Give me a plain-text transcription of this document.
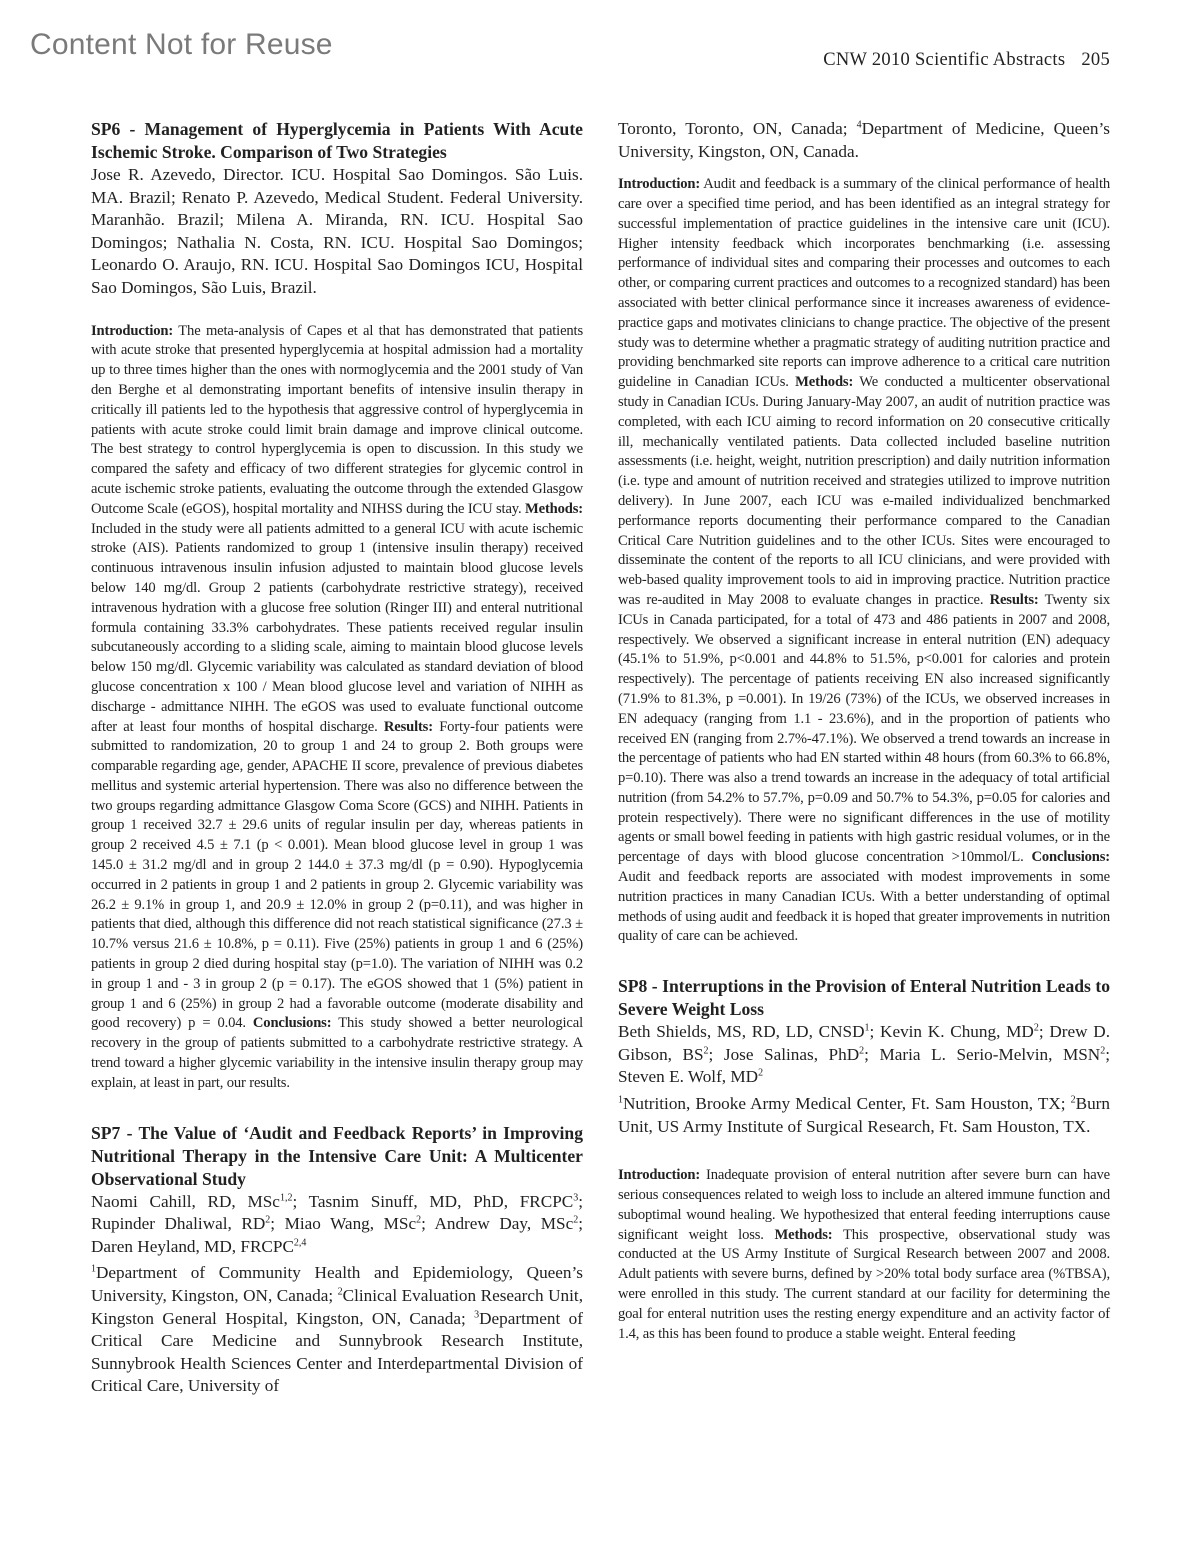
Content Not for Reuse	CNW 2010 Scientific Abstracts 205
SP6 - Management of Hyperglycemia in Patients With Acute Ischemic Stroke. Comparison of Two Strategies

Jose R. Azevedo, Director. ICU. Hospital Sao Domingos. São Luis. MA. Brazil; Renato P. Azevedo, Medical Student. Federal University. Maranhão. Brazil; Milena A. Miranda, RN. ICU. Hospital Sao Domingos; Nathalia N. Costa, RN. ICU. Hospital Sao Domingos; Leonardo O. Araujo, RN. ICU. Hospital Sao Domingos ICU, Hospital Sao Domingos, São Luis, Brazil.

Introduction: The meta-analysis of Capes et al that has demonstrated that patients with acute stroke that presented hyperglycemia at hospital admission had a mortality up to three times higher than the ones with normoglycemia and the 2001 study of Van den Berghe et al demonstrating important benefits of intensive insulin therapy in critically ill patients led to the hypothesis that aggressive control of hyperglycemia in patients with acute stroke could limit brain damage and improve clinical outcome. The best strategy to control hyperglycemia is open to discussion. In this study we compared the safety and efficacy of two different strategies for glycemic control in acute ischemic stroke patients, evaluating the outcome through the extended Glasgow Outcome Scale (eGOS), hospital mortality and NIHSS during the ICU stay. Methods: Included in the study were all patients admitted to a general ICU with acute ischemic stroke (AIS). Patients randomized to group 1 (intensive insulin therapy) received continuous intravenous insulin infusion adjusted to maintain blood glucose levels below 140 mg/dl. Group 2 patients (carbohydrate restrictive strategy), received intravenous hydration with a glucose free solution (Ringer III) and enteral nutritional formula containing 33.3% carbohydrates. These patients received regular insulin subcutaneously according to a sliding scale, aiming to maintain blood glucose levels below 150 mg/dl. Glycemic variability was calculated as standard deviation of blood glucose concentration x 100 / Mean blood glucose level and variation of NIHH as discharge - admittance NIHH. The eGOS was used to evaluate functional outcome after at least four months of hospital discharge. Results: Forty-four patients were submitted to randomization, 20 to group 1 and 24 to group 2. Both groups were comparable regarding age, gender, APACHE II score, prevalence of previous diabetes mellitus and systemic arterial hypertension. There was also no difference between the two groups regarding admittance Glasgow Coma Score (GCS) and NIHH. Patients in group 1 received 32.7 ± 29.6 units of regular insulin per day, whereas patients in group 2 received 4.5 ± 7.1 (p < 0.001). Mean blood glucose level in group 1 was 145.0 ± 31.2 mg/dl and in group 2 144.0 ± 37.3 mg/dl (p = 0.90). Hypoglycemia occurred in 2 patients in group 1 and 2 patients in group 2. Glycemic variability was 26.2 ± 9.1% in group 1, and 20.9 ± 12.0% in group 2 (p=0.11), and was higher in patients that died, although this difference did not reach statistical significance (27.3 ± 10.7% versus 21.6 ± 10.8%, p = 0.11). Five (25%) patients in group 1 and 6 (25%) patients in group 2 died during hospital stay (p=1.0). The variation of NIHH was 0.2 in group 1 and - 3 in group 2 (p = 0.17). The eGOS showed that 1 (5%) patient in group 1 and 6 (25%) in group 2 had a favorable outcome (moderate disability and good recovery) p = 0.04. Conclusions: This study showed a better neurological recovery in the group of patients submitted to a carbohydrate restrictive strategy. A trend toward a higher glycemic variability in the intensive insulin therapy group may explain, at least in part, our results.

SP7 - The Value of ‘Audit and Feedback Reports’ in Improving Nutritional Therapy in the Intensive Care Unit: A Multicenter Observational Study

Naomi Cahill, RD, MSc$^{1,2}$; Tasnim Sinuff, MD, PhD, FRCPC$^3$; Rupinder Dhaliwal, $RD^2$; Miao Wang, MSc$^2$; Andrew Day, MSc$^2$; Daren Heyland, MD, FRCPC$^{2,4}$

$^1$Department of Community Health and Epidemiology, Queen’s University, Kingston, ON, Canada; $^2$Clinical Evaluation Research Unit, Kingston General Hospital, Kingston, ON, Canada; $^3$Department of Critical Care Medicine and Sunnybrook Research Institute, Sunnybrook Health Sciences Center and Interdepartmental Division of Critical Care, University of

Toronto, Toronto, ON, Canada; $^4$Department of Medicine, Queen’s University, Kingston, ON, Canada.

Introduction: Audit and feedback is a summary of the clinical performance of health care over a specified time period, and has been identified as an integral strategy for successful implementation of practice guidelines in the intensive care unit (ICU). Higher intensity feedback which incorporates benchmarking (i.e. assessing performance of individual sites and comparing their processes and outcomes to each other, or comparing current practices and outcomes to a recognized standard) has been associated with better clinical performance since it increases awareness of evidence-practice gaps and motivates clinicians to change practice. The objective of the present study was to determine whether a pragmatic strategy of auditing nutrition practice and providing benchmarked site reports can improve adherence to a critical care nutrition guideline in Canadian ICUs. Methods: We conducted a multicenter observational study in Canadian ICUs. During January-May 2007, an audit of nutrition practice was completed, with each ICU aiming to record information on 20 consecutive critically ill, mechanically ventilated patients. Data collected included baseline nutrition assessments (i.e. height, weight, nutrition prescription) and daily nutrition information (i.e. type and amount of nutrition received and strategies utilized to improve nutrition delivery). In June 2007, each ICU was e-mailed individualized benchmarked performance reports documenting their performance compared to the Canadian Critical Care Nutrition guidelines and to the other ICUs. Sites were encouraged to disseminate the content of the reports to all ICU clinicians, and were provided with web-based quality improvement tools to aid in improving practice. Nutrition practice was re-audited in May 2008 to evaluate changes in practice. Results: Twenty six ICUs in Canada participated, for a total of 473 and 486 patients in 2007 and 2008, respectively. We observed a significant increase in enteral nutrition (EN) adequacy (45.1% to 51.9%, p<0.001 and 44.8% to 51.5%, p<0.001 for calories and protein respectively). The percentage of patients receiving EN also increased significantly (71.9% to 81.3%, p =0.001). In 19/26 (73%) of the ICUs, we observed increases in EN adequacy (ranging from 1.1 - 23.6%), and in the proportion of patients who received EN (ranging from 2.7%-47.1%). We observed a trend towards an increase in the percentage of patients who had EN started within 48 hours (from 60.3% to 66.8%, p=0.10). There was also a trend towards an increase in the adequacy of total artificial nutrition (from 54.2% to 57.7%, p=0.09 and 50.7% to 54.3%, p=0.05 for calories and protein respectively). There were no significant differences in the use of motility agents or small bowel feeding in patients with high gastric residual volumes, or in the percentage of days with blood glucose concentration >10mmol/L. Conclusions: Audit and feedback reports are associated with modest improvements in some nutrition practices in many Canadian ICUs. With a better understanding of optimal methods of using audit and feedback it is hoped that greater improvements in nutrition quality of care can be achieved.

SP8 - Interruptions in the Provision of Enteral Nutrition Leads to Severe Weight Loss

Beth Shields, MS, RD, LD, CNSD$^1$; Kevin K. Chung, $MD^2$; Drew D. Gibson, $BS^2$; Jose Salinas, PhD$^2$; Maria L. Serio-Melvin, MSN$^2$; Steven E. Wolf, $MD^2$

$^1$Nutrition, Brooke Army Medical Center, Ft. Sam Houston, TX; $^2$Burn Unit, US Army Institute of Surgical Research, Ft. Sam Houston, TX.

Introduction: Inadequate provision of enteral nutrition after severe burn can have serious consequences related to weigh loss to include an altered immune function and suboptimal wound healing. We hypothesized that enteral feeding interruptions cause significant weight loss. Methods: This prospective, observational study was conducted at the US Army Institute of Surgical Research between 2007 and 2008. Adult patients with severe burns, defined by >20% total body surface area (%TBSA), were enrolled in this study. The current standard at our facility for determining the goal for enteral nutrition uses the resting energy expenditure and an activity factor of 1.4, as this has been found to produce a stable weight. Enteral feeding
